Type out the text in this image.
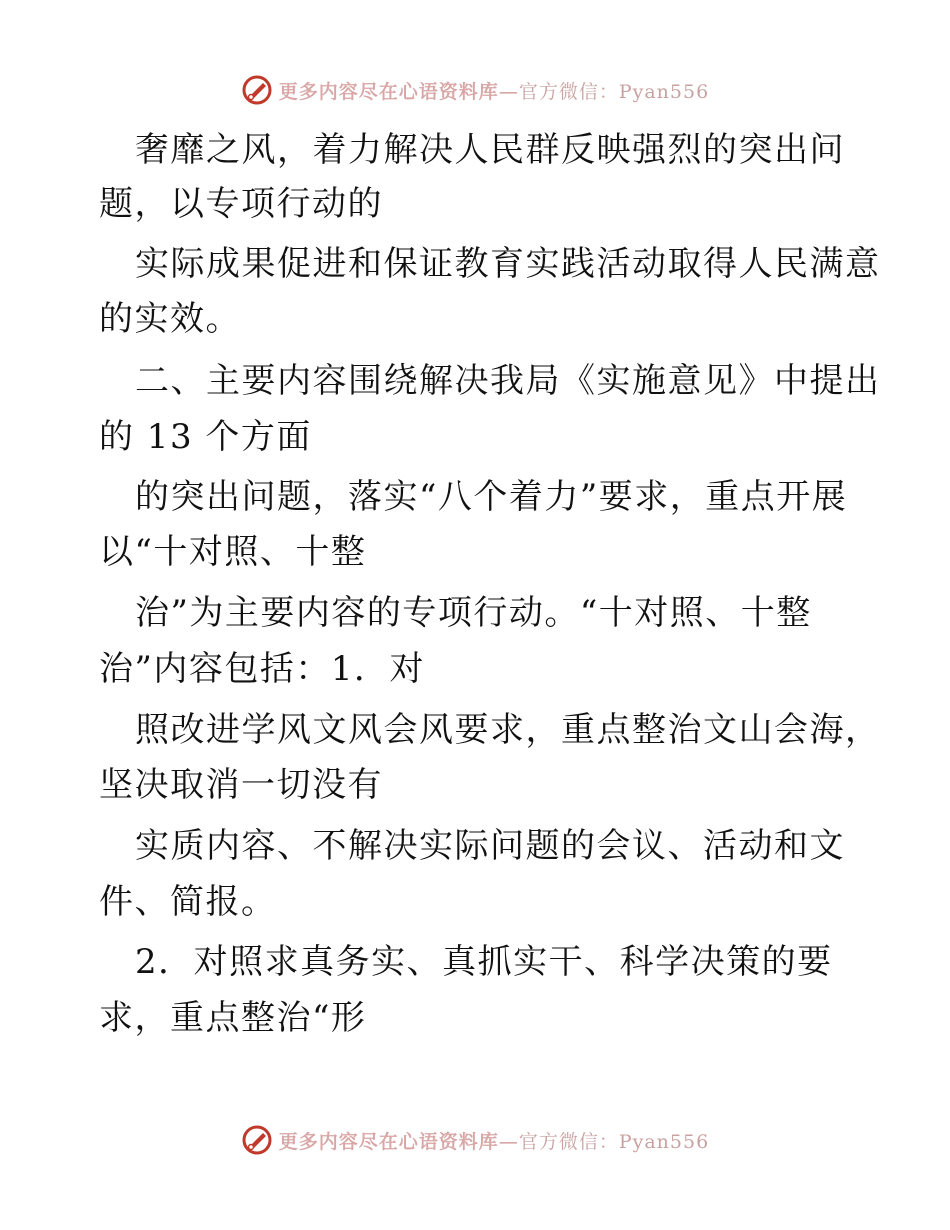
更多内容尽在心语资料库—官方微信：Pyan556
奢靡之风，着力解决人民群反映强烈的突出问
题，以专项行动的
实际成果促进和保证教育实践活动取得人民满意
的实效。
二、主要内容围绕解决我局《实施意见》中提出
的 13 个方面
的突出问题，落实“八个着力”要求，重点开展
以“十对照、十整
治”为主要内容的专项行动。“十对照、十整
治”内容包括：1．对
照改进学风文风会风要求，重点整治文山会海，
坚决取消一切没有
实质内容、不解决实际问题的会议、活动和文
件、简报。
2．对照求真务实、真抓实干、科学决策的要
求，重点整治“形
更多内容尽在心语资料库—官方微信：Pyan556
